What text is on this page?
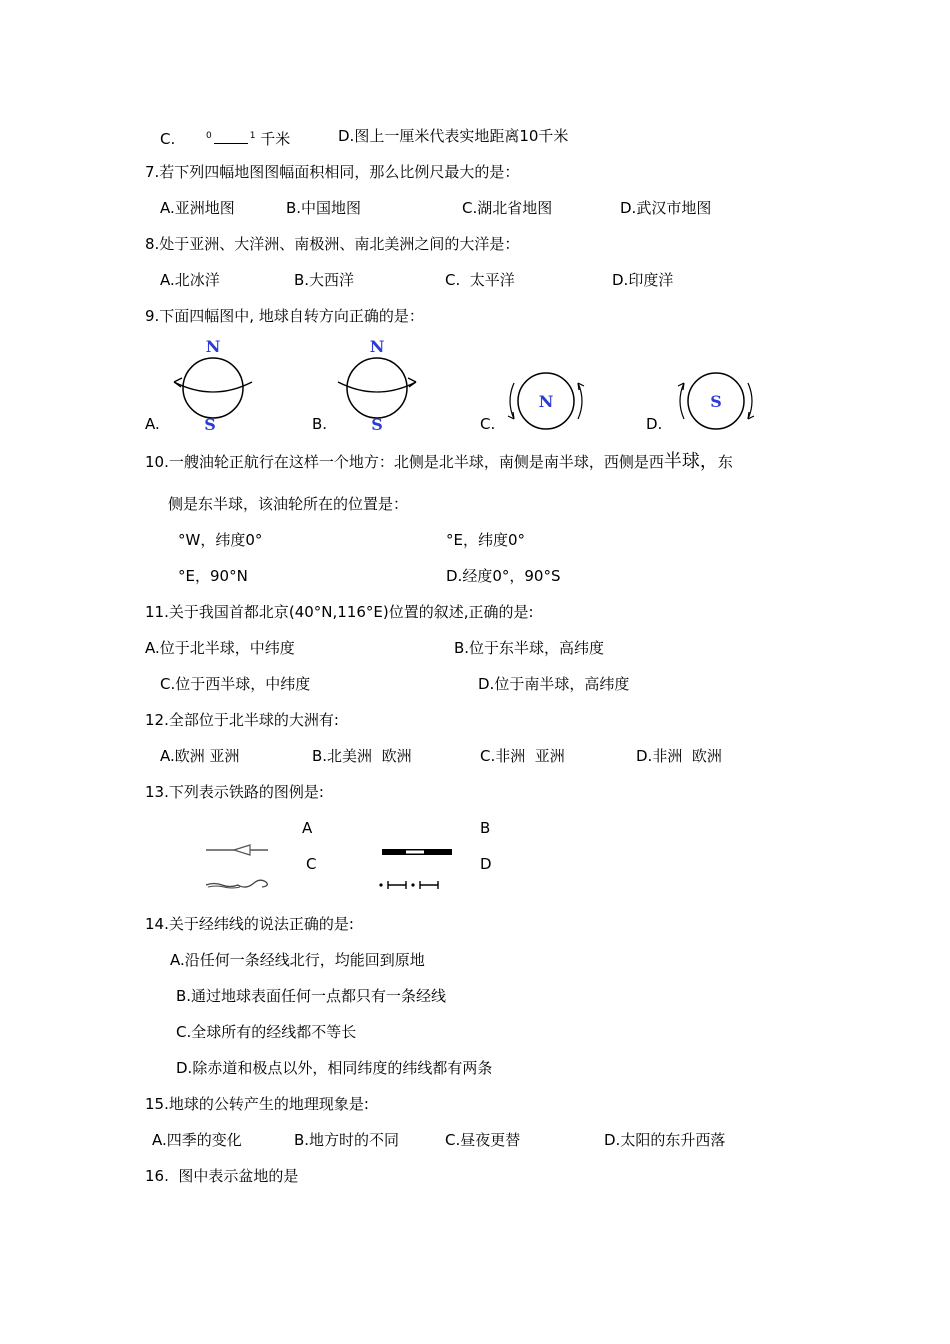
C.	$^0$	$^1$ 千米	D.图上一厘米代表实地距离10千米
7.若下列四幅地图图幅面积相同，那么比例尺最大的是：
A.亚洲地图	B.中国地图	C.湖北省地图	D.武汉市地图
8.处于亚洲、大洋洲、南极洲、南北美洲之间的大洋是：
A.北冰洋	B.大西洋	C.  太平洋	D.印度洋
9.下面四幅图中, 地球自转方向正确的是：
N
S
A.
N
S
B.
N
C.
S
D.
10.一艘油轮正航行在这样一个地方：北侧是北半球，南侧是南半球，西侧是西半球，东
侧是东半球，该油轮所在的位置是：
°W，纬度0°	°E，纬度0°
°E，90°N	D.经度0°，90°S
11.关于我国首都北京(40°N,116°E)位置的叙述,正确的是:
A.位于北半球，中纬度	B.位于东半球，高纬度
C.位于西半球，中纬度	D.位于南半球，高纬度
12.全部位于北半球的大洲有:
A.欧洲 亚洲	B.北美洲  欧洲	C.非洲  亚洲	D.非洲  欧洲
13.下列表示铁路的图例是:
A	B
C	D
14.关于经纬线的说法正确的是:
A.沿任何一条经线北行，均能回到原地
B.通过地球表面任何一点都只有一条经线
C.全球所有的经线都不等长
D.除赤道和极点以外，相同纬度的纬线都有两条
15.地球的公转产生的地理现象是:
A.四季的变化	B.地方时的不同	C.昼夜更替	D.太阳的东升西落
16.  图中表示盆地的是
